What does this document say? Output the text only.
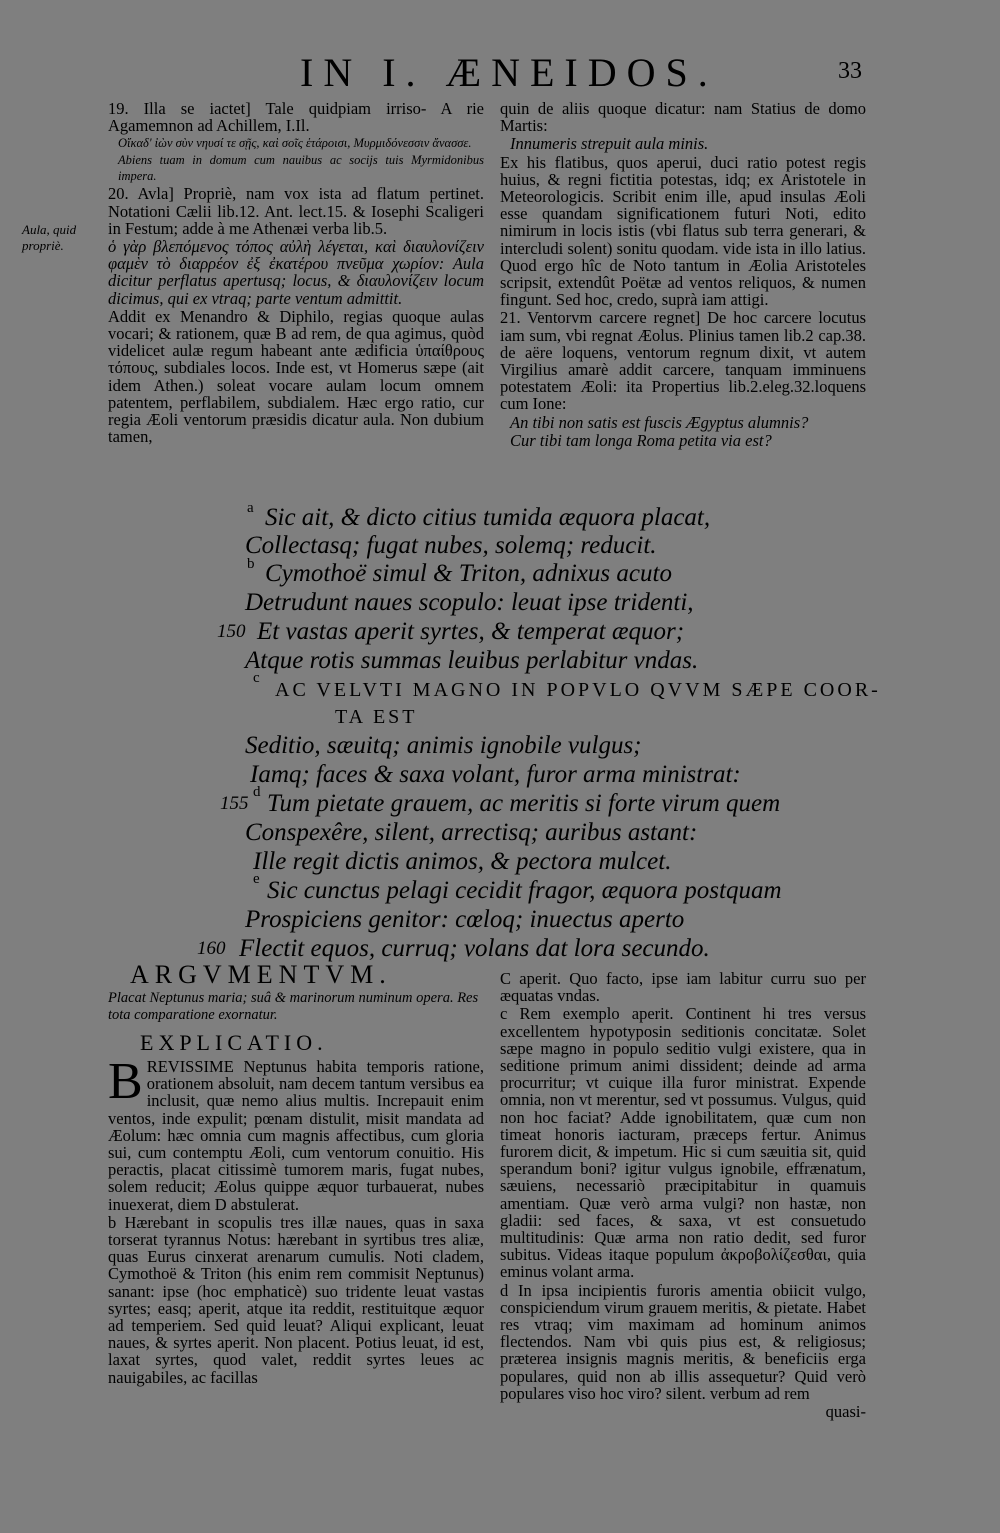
IN I. ÆNEIDOS.	33
Aula, quid propriè.

19. Illa se iactet] Tale quidpiam irriso- A rie Agamemnon ad Achillem, I.Il.

Οἴκαδ' ἰὼν σὺν νηυσί τε σῇς, καὶ σοῖς ἑτάροισι, Μυρμιδόνεσσιν ἄνασσε.

Abiens tuam in domum cum nauibus ac socijs tuis Myrmidonibus impera.

20. Avla] Propriè, nam vox ista ad flatum pertinet. Notationi Cælii lib.12. Ant. lect.15. & Iosephi Scaligeri in Festum; adde à me Athenæi verba lib.5.

ὁ γὰρ βλεπόμενος τόπος αὐλὴ λέγεται, καὶ διαυλονίζειν φαμὲν τὸ διαρρέον ἐξ ἐκατέρου πνεῦμα χωρίον: Aula dicitur perflatus apertusq; locus, & διαυλονίζειν locum dicimus, qui ex vtraq; parte ventum admittit.

Addit ex Menandro & Diphilo, regias quoque aulas vocari; & rationem, quæ B ad rem, de qua agimus, quòd videlicet aulæ regum habeant ante ædificia ὑπαίθρους τόπους, subdiales locos. Inde est, vt Homerus sæpe (ait idem Athen.) soleat vocare aulam locum omnem patentem, perflabilem, subdialem. Hæc ergo ratio, cur regia Æoli ventorum præsidis dicatur aula. Non dubium tamen,

quin de aliis quoque dicatur: nam Statius de domo Martis:

Innumeris strepuit aula minis.

Ex his flatibus, quos aperui, duci ratio potest regis huius, & regni fictitia potestas, idq; ex Aristotele in Meteorologicis. Scribit enim ille, apud insulas Æoli esse quandam significationem futuri Noti, edito nimirum in locis istis (vbi flatus sub terra generari, & intercludi solent) sonitu quodam. vide ista in illo latius. Quod ergo hîc de Noto tantum in Æolia Aristoteles scripsit, extendût Poëtæ ad ventos reliquos, & numen fingunt. Sed hoc, credo, suprà iam attigi.

21. Ventorvm carcere regnet] De hoc carcere locutus iam sum, vbi regnat Æolus. Plinius tamen lib.2 cap.38. de aëre loquens, ventorum regnum dixit, vt autem Virgilius amarè addit carcere, tanquam imminuens potestatem Æoli: ita Propertius lib.2.eleg.32.loquens cum Ione:

An tibi non satis est fuscis Ægyptus alumnis?

Cur tibi tam longa Roma petita via est?

a Sic ait, & dicto citius tumida æquora placat,
Collectasq; fugat nubes, solemq; reducit.
b Cymothoë simul & Triton, adnixus acuto
Detrudunt naues scopulo: leuat ipse tridenti,
150 Et vastas aperit syrtes, & temperat æquor;
Atque rotis summas leuibus perlabitur vndas.
c
AC VELVTI MAGNO IN POPVLO QVVM SÆPE COOR-
TA EST
Seditio, sæuitq; animis ignobile vulgus;
Iamq; faces & saxa volant, furor arma ministrat:
155
d Tum pietate grauem, ac meritis si forte virum quem
Conspexêre, silent, arrectisq; auribus astant:
Ille regit dictis animos, & pectora mulcet.
e Sic cunctus pelagi cecidit fragor, æquora postquam
Prospiciens genitor: cœloq; inuectus aperto
160 Flectit equos, curruq; volans dat lora secundo.
ARGVMENTVM.
Placat Neptunus maria; suâ & marinorum numinum opera. Res tota comparatione exornatur.
EXPLICATIO.

BREVISSIME Neptunus habita temporis ratione, orationem absoluit, nam decem tantum versibus ea inclusit, quæ nemo alius multis. Increpauit enim ventos, inde expulit; pœnam distulit, misit mandata ad Æolum: hæc omnia cum magnis affectibus, cum gloria sui, cum contemptu Æoli, cum ventorum conuitio. His peractis, placat citissimè tumorem maris, fugat nubes, solem reducit; Æolus quippe æquor turbauerat, nubes inuexerat, diem D abstulerat.

b Hærebant in scopulis tres illæ naues, quas in saxa torserat tyrannus Notus: hærebant in syrtibus tres aliæ, quas Eurus cinxerat arenarum cumulis. Noti cladem, Cymothoë & Triton (his enim rem commisit Neptunus) sanant: ipse (hoc emphaticè) suo tridente leuat vastas syrtes; easq; aperit, atque ita reddit, restituitque æquor ad temperiem. Sed quid leuat? Aliqui explicant, leuat naues, & syrtes aperit. Non placent. Potius leuat, id est, laxat syrtes, quod valet, reddit syrtes leues ac nauigabiles, ac facillas

C aperit. Quo facto, ipse iam labitur curru suo per æquatas vndas.

c Rem exemplo aperit. Continent hi tres versus excellentem hypotyposin seditionis concitatæ. Solet sæpe magno in populo seditio vulgi existere, qua in seditione primum animi dissident; deinde ad arma procurritur; vt cuique illa furor ministrat. Expende omnia, non vt merentur, sed vt possumus. Vulgus, quid non hoc faciat? Adde ignobilitatem, quæ cum non timeat honoris iacturam, præceps fertur. Animus furorem dicit, & impetum. Hic si cum sæuitia sit, quid sperandum boni? igitur vulgus ignobile, effrænatum, sæuiens, necessariò præcipitabitur in quamuis amentiam. Quæ verò arma vulgi? non hastæ, non gladii: sed faces, & saxa, vt est consuetudo multitudinis: Quæ arma non ratio dedit, sed furor subitus. Videas itaque populum ἀκροβολίζεσθαι, quia eminus volant arma.

d In ipsa incipientis furoris amentia obiicit vulgo, conspiciendum virum grauem meritis, & pietate. Habet res vtraq; vim maximam ad hominum animos flectendos. Nam vbi quis pius est, & religiosus; præterea insignis magnis meritis, & beneficiis erga populares, quid non ab illis assequetur? Quid verò populares viso hoc viro? silent. verbum ad rem

quasi-
